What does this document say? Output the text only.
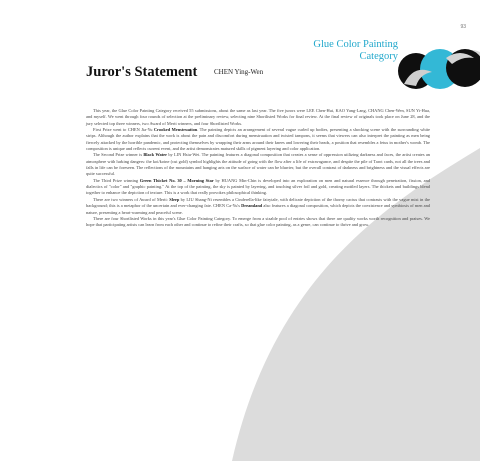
93
Glue Color Painting
Category
Juror's Statement CHEN Ying-Wen

This year, the Glue Color Painting Category received 55 submissions, about the same as last year. The five jurors were LEE Chen-Hui, KAO Yang-Lang, CHANG Chen-Wen, SUN Yi-Hua, and myself. We went through four rounds of selection at the preliminary review, selecting nine Shortlisted Works for final review. At the final review of originals took place on June 28, and the jury selected top three winners, two Award of Merit winners, and four Shortlisted Works.

First Prize went to CHEN Jia-Yu Crooked Menstruation. The painting depicts an arrangement of several vague curled up bodies, presenting a shocking scene with the surrounding white strips. Although the author explains that the work is about the pain and discomfort during menstruation and twisted tampons, it seems that viewers can also interpret the painting as men being fiercely attacked by the horrible pandemic, and protecting themselves by wrapping their arms around their knees and lowering their heads, a position that resembles a fetus in mother's womb. The composition is unique and reflects current event, and the artist demonstrates matured skills of pigment layering and color application.

The Second Prize winner is Black Water by LIN Hsiu-Wei. The painting features a diagonal composition that creates a sense of oppression utilizing darkness and faces, the artist creates an atmosphere with lurking dangers: the koi/koine (cut gold) symbol highlights the attitude of going with the flow after a life of extravagance, and despite the pile of Tarot cards, not all the trees and falls in life can be foreseen. The reflections of the mountains and hanging arts on the surface of water can be blurrier, but the overall contrast of darkness and brightness and the visual effects are quite successful.

The Third Prize winning Green Thicket No. 30 – Morning Star by HUANG Min-Chin is developed into an exploration on men and natural essence through penetration, fission, and dialectics of "color" and "graphic painting." At the top of the painting, the sky is painted by layering, and touching silver foil and gold, creating mottled layers. The thickets and buildings blend together to enhance the depiction of texture. This is a work that really provokes philosophical thinking.

There are two winners of Award of Merit: Sleep by LIU Shang-Ni resembles a Cinderella-like fairytale, with delicate depiction of the thorny cactus that contrasts with the vague mist in the background; this is a metaphor of the uncertain and ever-changing fate. CHEN Ca-Yu's Dreamland also features a diagonal composition, which depicts the coexistence and symbiosis of men and nature, presenting a heart-warming and peaceful scene.

There are four Shortlisted Works in this year's Glue Color Painting Category. To emerge from a sizable pool of entries shows that there are quality works worth recognition and praises. We hope that participating artists can learn from each other and continue to refine their crafts, so that glue color painting, as a genre, can continue to thrive and grow.
